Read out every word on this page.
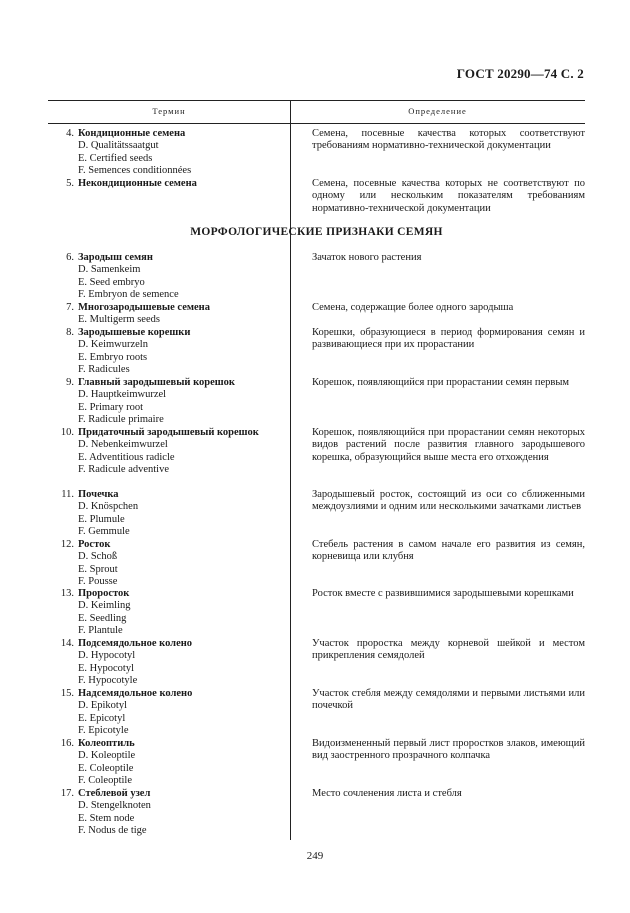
ГОСТ 20290—74 С. 2
Термин	Определение
МОРФОЛОГИЧЕСКИЕ ПРИЗНАКИ СЕМЯН
4. Кондиционные семена
D. Qualitätssaatgut
E. Certified seeds
F. Semences conditionnées
Семена, посевные качества которых соответствуют требованиям нормативно-технической документации
5. Некондиционные семена	Семена, посевные качества которых не соответствуют по одному или нескольким показателям требованиям нормативно-технической документации
6. Зародыш семян
D. Samenkeim
E. Seed embryo
F. Embryon de semence
Зачаток нового растения
7. Многозародышевые семена
E. Multigerm seeds
Семена, содержащие более одного зародыша
8. Зародышевые корешки
D. Keimwurzeln
E. Embryo roots
F. Radicules
Корешки, образующиеся в период формирования семян и развивающиеся при их прорастании
9. Главный зародышевый корешок
D. Hauptkeimwurzel
E. Primary root
F. Radicule primaire
Корешок, появляющийся при прорастании семян первым
10. Придаточный зародышевый корешок
D. Nebenkeimwurzel
E. Adventitious radicle
F. Radicule adventive
Корешок, появляющийся при прорастании семян некоторых видов растений после развития главного зародышевого корешка, образующийся выше места его отхождения
11. Почечка
D. Knöspchen
E. Plumule
F. Gemmule
Зародышевый росток, состоящий из оси со сближенными междоузлиями и одним или несколькими зачатками листьев
12. Росток
D. Schoß
E. Sprout
F. Pousse
Стебель растения в самом начале его развития из семян, корневища или клубня
13. Проросток
D. Keimling
E. Seedling
F. Plantule
Росток вместе с развившимися зародышевыми корешками
14. Подсемядольное колено
D. Hypocotyl
E. Hypocotyl
F. Hypocotyle
Участок проростка между корневой шейкой и местом прикрепления семядолей
15. Надсемядольное колено
D. Epikotyl
E. Epicotyl
F. Epicotyle
Участок стебля между семядолями и первыми листьями или почечкой
16. Колеоптиль
D. Koleoptile
E. Coleoptile
F. Coleoptile
Видоизмененный первый лист проростков злаков, имеющий вид заостренного прозрачного колпачка
17. Стеблевой узел
D. Stengelknoten
E. Stem node
F. Nodus de tige
Место сочленения листа и стебля
249
